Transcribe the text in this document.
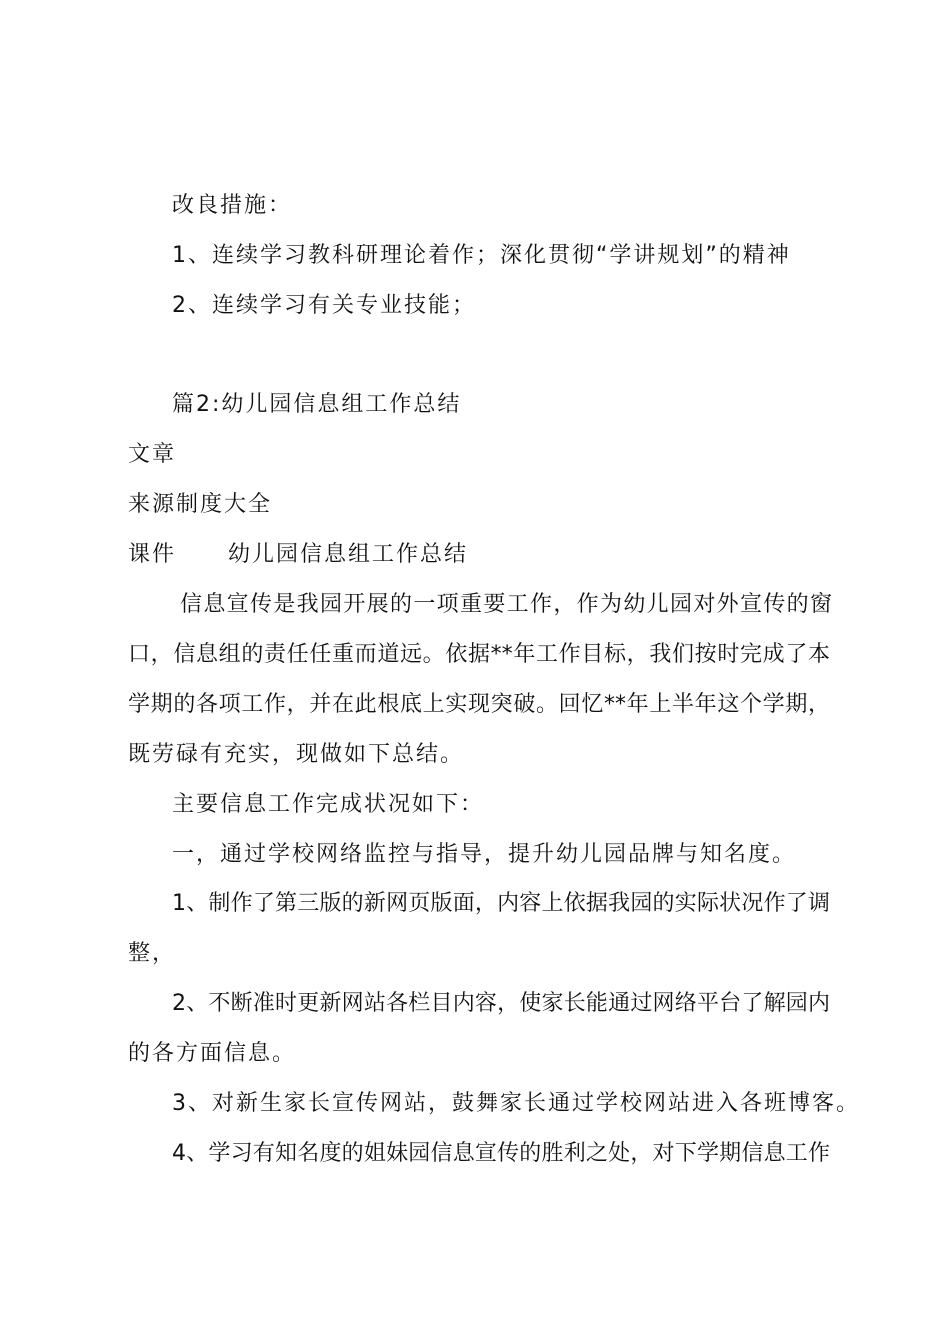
改良措施：
1、连续学习教科研理论着作；深化贯彻“学讲规划”的精神
2、连续学习有关专业技能；
篇2:幼儿园信息组工作总结
文章
来源制度大全
课件 幼儿园信息组工作总结
信息宣传是我园开展的一项重要工作，作为幼儿园对外宣传的窗
口，信息组的责任任重而道远。依据**年工作目标，我们按时完成了本
学期的各项工作，并在此根底上实现突破。回忆**年上半年这个学期，
既劳碌有充实，现做如下总结。
主要信息工作完成状况如下：
一，通过学校网络监控与指导，提升幼儿园品牌与知名度。
1、制作了第三版的新网页版面，内容上依据我园的实际状况作了调
整，
2、不断准时更新网站各栏目内容，使家长能通过网络平台了解园内
的各方面信息。
3、对新生家长宣传网站，鼓舞家长通过学校网站进入各班博客。
4、学习有知名度的姐妹园信息宣传的胜利之处，对下学期信息工作
